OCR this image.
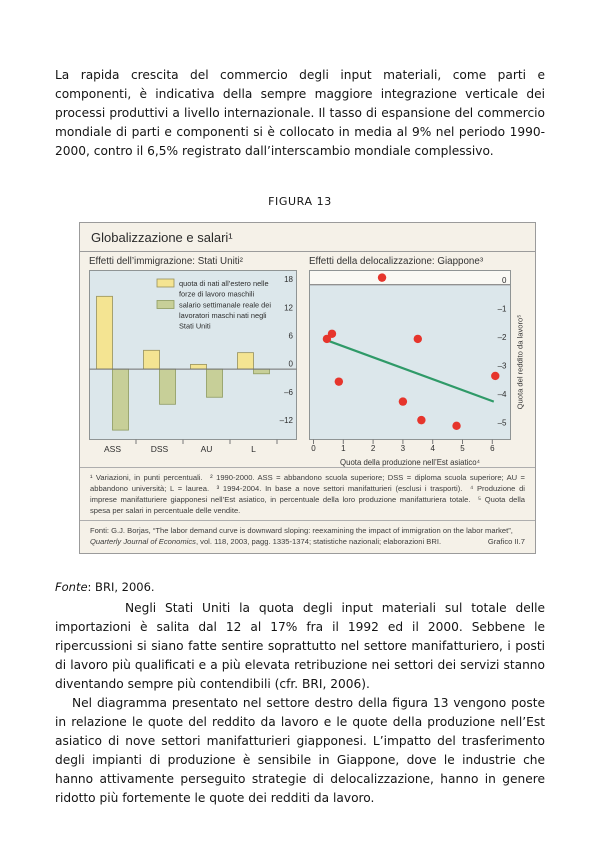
La rapida crescita del commercio degli input materiali, come parti e componenti, è indicativa della sempre maggiore integrazione verticale dei processi produttivi a livello internazionale. Il tasso di espansione del commercio mondiale di parti e componenti si è collocato in media al 9% nel periodo 1990-2000, contro il 6,5% registrato dall’interscambio mondiale complessivo.

FIGURA 13
Globalizzazione e salari¹
Effetti dell’immigrazione: Stati Uniti²
ASS	DSS	AU	L
18
12
6
0
–6
–12
quota di nati all’estero nelle
forze di lavoro maschili
salario settimanale reale dei
lavoratori maschi nati negli
Stati Uniti
Effetti della delocalizzazione: Giappone³
0	1	2	3	4	5	6
0
–1
–2
–3
–4
–5
Quota del reddito da lavoro⁵
Quota della produzione nell’Est asiatico⁴
¹ Variazioni, in punti percentuali.  ² 1990-2000. ASS = abbandono scuola superiore; DSS = diploma scuola superiore; AU = abbandono università; L = laurea.  ³ 1994-2004. In base a nove settori manifatturieri (esclusi i trasporti).  ⁴ Produzione di imprese manifatturiere giapponesi nell’Est asiatico, in percentuale della loro produzione manifatturiera totale.  ⁵ Quota della spesa per salari in percentuale delle vendite.
Fonti: G.J. Borjas, “The labor demand curve is downward sloping: reexamining the impact of immigration on the labor market”, Quarterly Journal of Economics, vol. 118, 2003, pagg. 1335-1374; statistiche nazionali; elaborazioni BRI.	Grafico II.7

Fonte: BRI, 2006.

Negli Stati Uniti la quota degli input materiali sul totale delle importazioni è salita dal 12 al 17% fra il 1992 ed il 2000. Sebbene le ripercussioni si siano fatte sentire soprattutto nel settore manifatturiero, i posti di lavoro più qualificati e a più elevata retribuzione nei settori dei servizi stanno diventando sempre più contendibili (cfr. BRI, 2006).

Nel diagramma presentato nel settore destro della figura 13 vengono poste in relazione le quote del reddito da lavoro e le quote della produzione nell’Est asiatico di nove settori manifatturieri giapponesi. L’impatto del trasferimento degli impianti di produzione è sensibile in Giappone, dove le industrie che hanno attivamente perseguito strategie di delocalizzazione, hanno in genere ridotto più fortemente le quote dei redditi da lavoro.
